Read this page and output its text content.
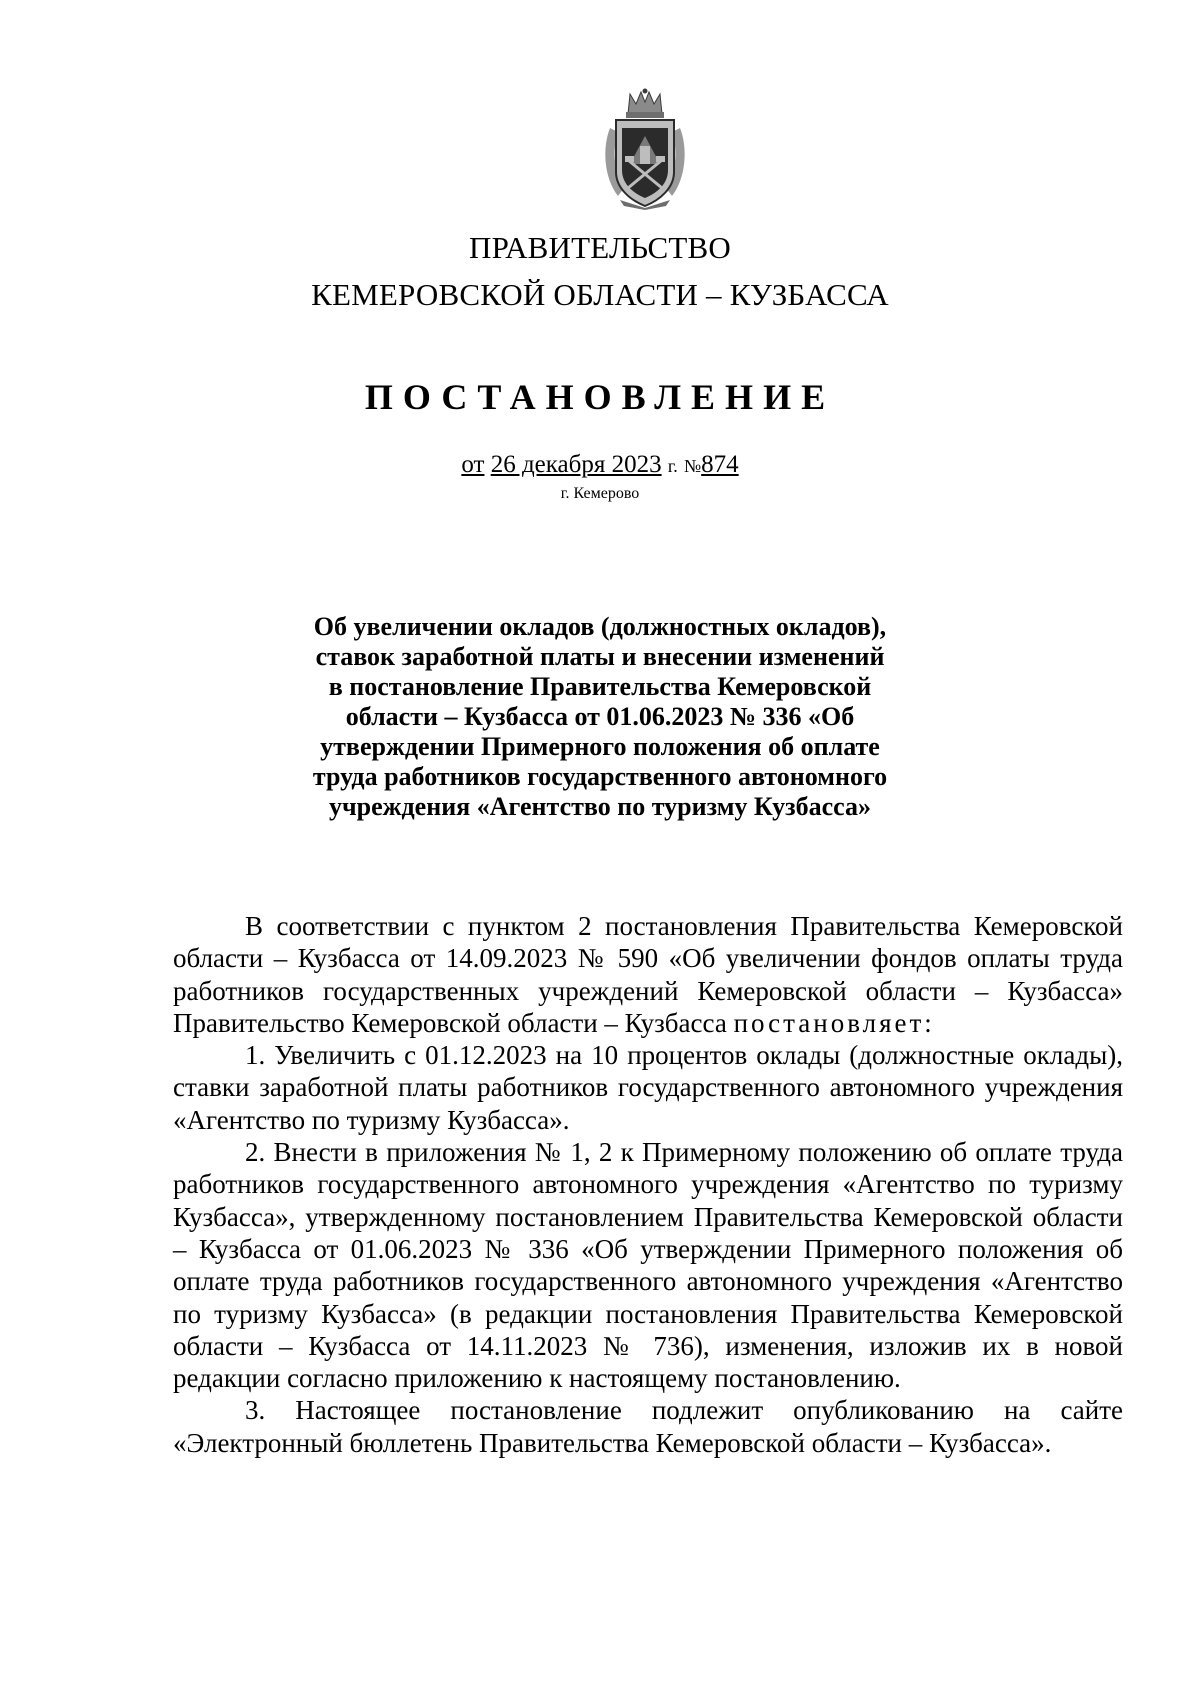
ПРАВИТЕЛЬСТВО
КЕМЕРОВСКОЙ ОБЛАСТИ – КУЗБАССА
ПОСТАНОВЛЕНИЕ
от 26 декабря 2023 г. №874
г. Кемерово
Об увеличении окладов (должностных окладов),
ставок заработной платы и внесении изменений
в постановление Правительства Кемеровской
области – Кузбасса от 01.06.2023 № 336 «Об
утверждении Примерного положения об оплате
труда работников государственного автономного
учреждения «Агентство по туризму Кузбасса»

В соответствии с пунктом 2 постановления Правительства Кемеровской области – Кузбасса от 14.09.2023 № 590 «Об увеличении фондов оплаты труда работников государственных учреждений Кемеровской области – Кузбасса» Правительство Кемеровской области – Кузбасса постановляет:

1. Увеличить с 01.12.2023 на 10 процентов оклады (должностные оклады), ставки заработной платы работников государственного автономного учреждения «Агентство по туризму Кузбасса».

2. Внести в приложения № 1, 2 к Примерному положению об оплате труда работников государственного автономного учреждения «Агентство по туризму Кузбасса», утвержденному постановлением Правительства Кемеровской области – Кузбасса от 01.06.2023 № 336 «Об утверждении Примерного положения об оплате труда работников государственного автономного учреждения «Агентство по туризму Кузбасса» (в редакции постановления Правительства Кемеровской области – Кузбасса от 14.11.2023 № 736), изменения, изложив их в новой редакции согласно приложению к настоящему постановлению.

3. Настоящее постановление подлежит опубликованию на сайте «Электронный бюллетень Правительства Кемеровской области – Кузбасса».
